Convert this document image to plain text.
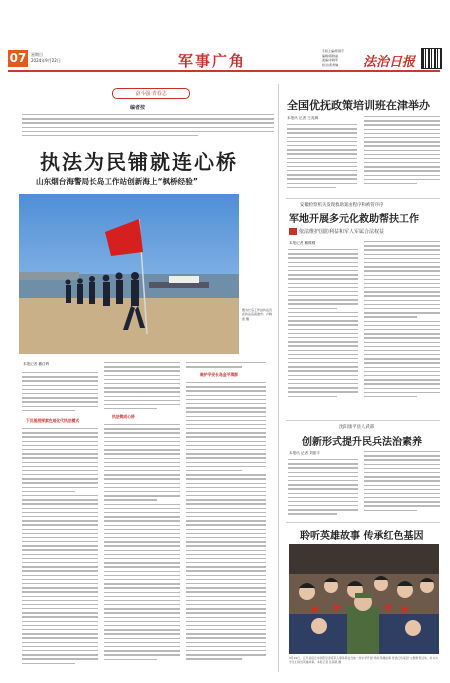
07	星期日
2024年9月22日	军事广角
专版主编/陈国平
编辑/蒋晓丽
美编/李晓军
校对/黄秀琳	法治日报
奋斗强·青春志
编者按
执法为民铺就连心桥
山东烟台海警局长岛工作站创新海上“枫桥经验”
图为长岛工作站执法员在执法巡查途中。卢晓雷 摄
本报记者 戴佳晖
下沉基层探索在地化代执法模式
执法铸成心桥
维护平安长岛金平湾群
全国优抚政策培训班在津举办
本报讯 记者 王兆卿
安徽检察机关发现救助案由程序和被管序序
军地开展多元化救助帮扶工作
依法维护国防利益和军人军属合法权益
本报记者 戴蝶蝶
沈阳康平县人武部
创新形式提升民兵法治素养
本报讯 记者 刘振宇
聆听英雄故事 传承红色基因
9月19日，江苏省宿迁市泗阳县退役军人事务局在当地一所中学开展“聆听英雄故事 传承红色基因”主题教育活动，老兵为学生们讲述英雄故事。本报记者 张海燕 摄
